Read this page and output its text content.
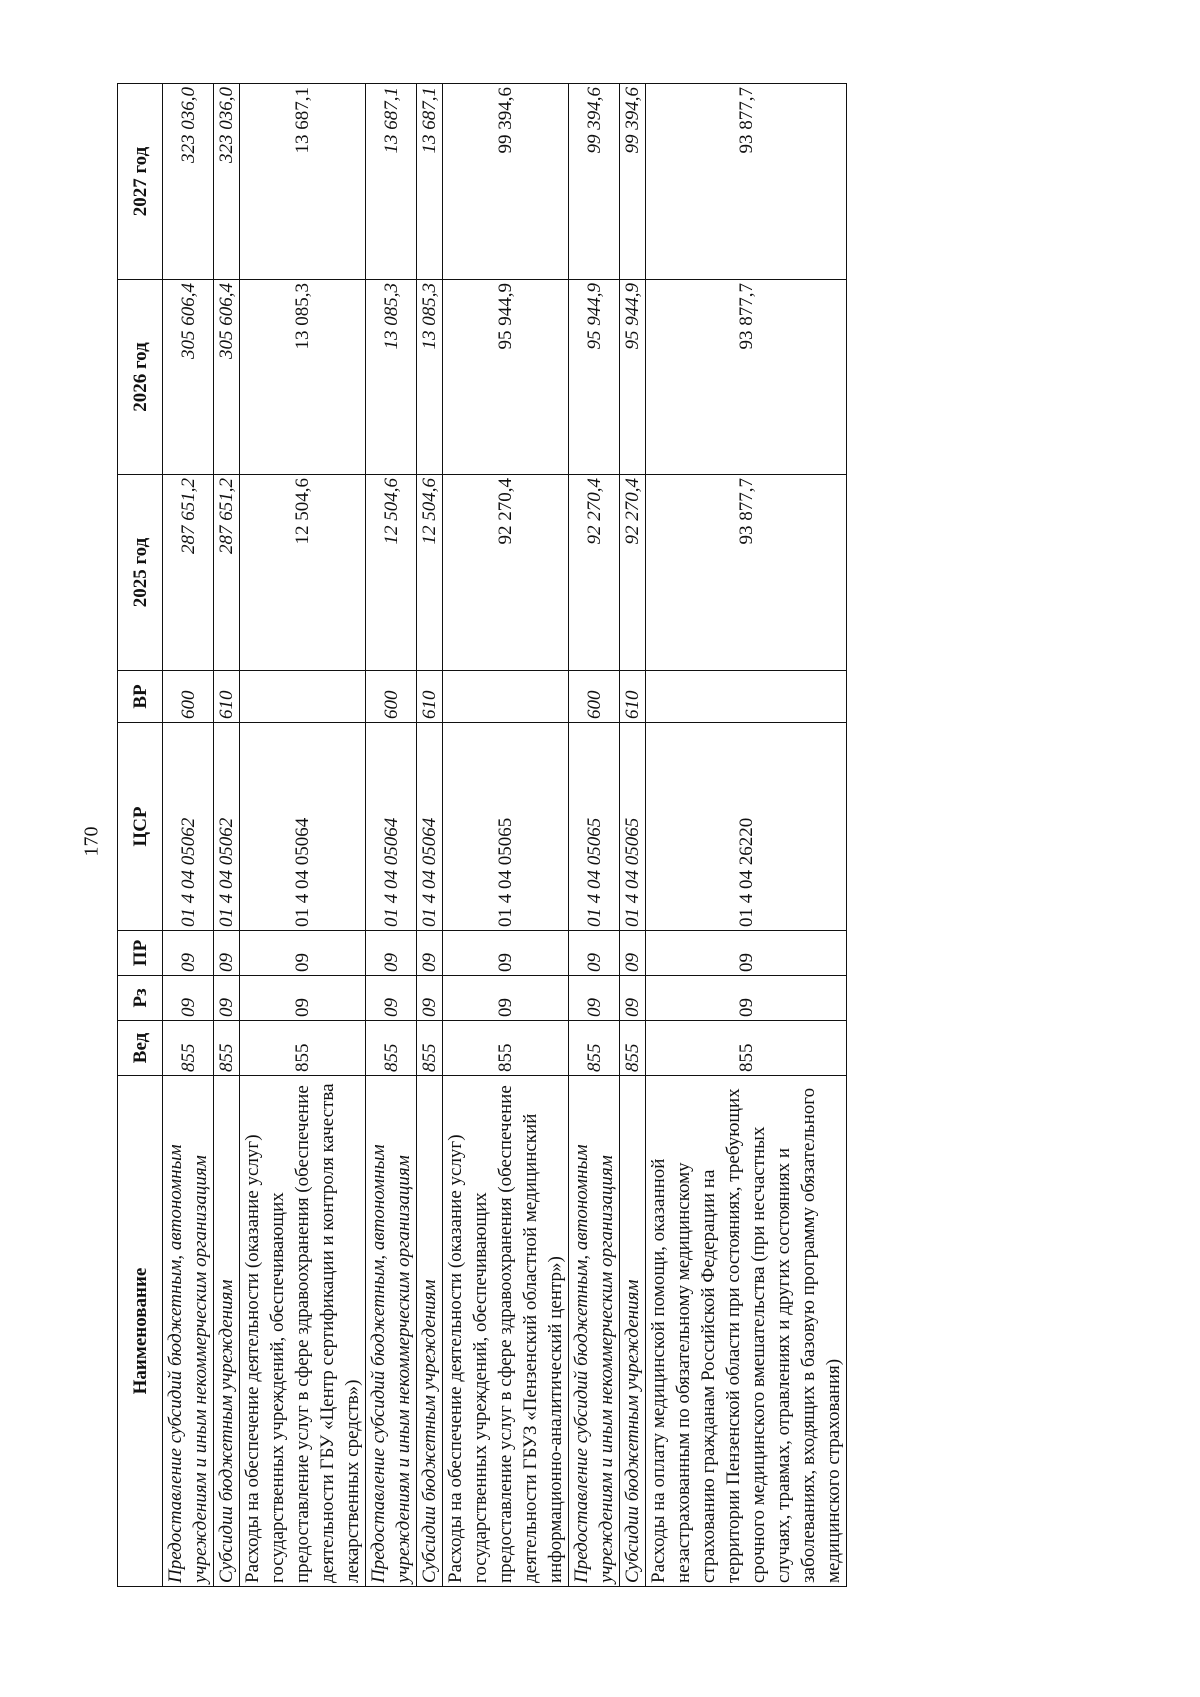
170
Наименование	Вед	Рз	ПР	ЦСР	ВР	2025 год	2026 год	2027 год
Предоставление субсидий бюджетным, автономным учреждениям и иным некоммерческим организациям	855	09	09	01 4 04 05062	600	287 651,2	305 606,4	323 036,0
Субсидии бюджетным учреждениям	855	09	09	01 4 04 05062	610	287 651,2	305 606,4	323 036,0
Расходы на обеспечение деятельности (оказание услуг) государственных учреждений, обеспечивающих предоставление услуг в сфере здравоохранения (обеспечение деятельности ГБУ «Центр сертификации и контроля качества лекарственных средств»)	855	09	09	01 4 04 05064		12 504,6	13 085,3	13 687,1
Предоставление субсидий бюджетным, автономным учреждениям и иным некоммерческим организациям	855	09	09	01 4 04 05064	600	12 504,6	13 085,3	13 687,1
Субсидии бюджетным учреждениям	855	09	09	01 4 04 05064	610	12 504,6	13 085,3	13 687,1
Расходы на обеспечение деятельности (оказание услуг) государственных учреждений, обеспечивающих предоставление услуг в сфере здравоохранения (обеспечение деятельности ГБУЗ «Пензенский областной медицинский информационно-аналитический центр»)	855	09	09	01 4 04 05065		92 270,4	95 944,9	99 394,6
Предоставление субсидий бюджетным, автономным учреждениям и иным некоммерческим организациям	855	09	09	01 4 04 05065	600	92 270,4	95 944,9	99 394,6
Субсидии бюджетным учреждениям	855	09	09	01 4 04 05065	610	92 270,4	95 944,9	99 394,6
Расходы на оплату медицинской помощи, оказанной незастрахованным по обязательному медицинскому страхованию гражданам Российской Федерации на территории Пензенской области при состояниях, требующих срочного медицинского вмешательства (при несчастных случаях, травмах, отравлениях и других состояниях и заболеваниях, входящих в базовую программу обязательного медицинского страхования)	855	09	09	01 4 04 26220		93 877,7	93 877,7	93 877,7
